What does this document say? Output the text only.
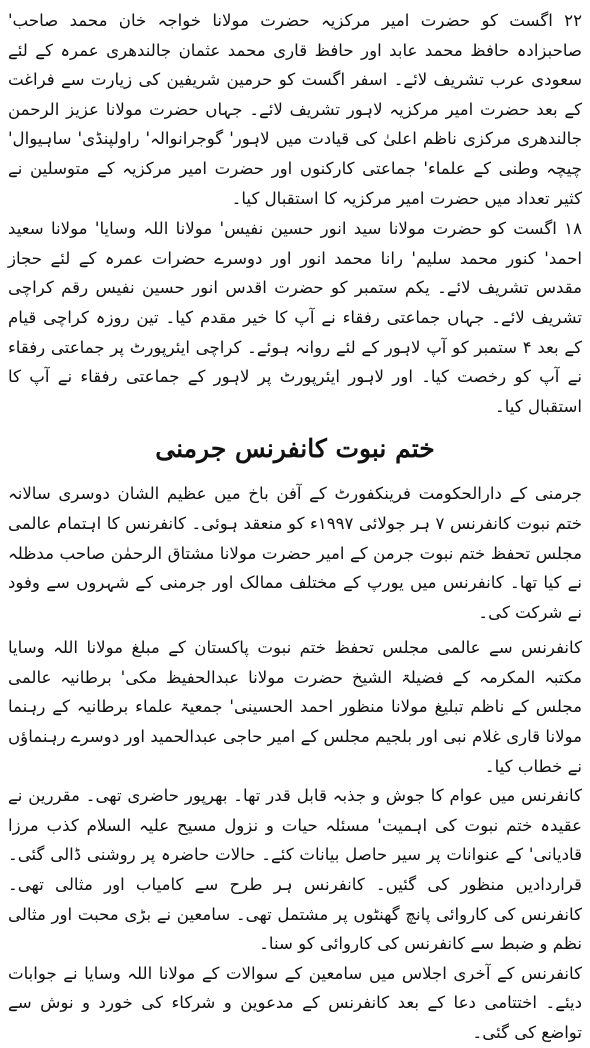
۲۲ اگست کو حضرت امیر مرکزیہ حضرت مولانا خواجہ خان محمد صاحب' صاحبزادہ حافظ محمد عابد اور حافظ قاری محمد عثمان جالندھری عمرہ کے لئے سعودی عرب تشریف لائے۔ اسفر اگست کو حرمین شریفین کی زیارت سے فراغت کے بعد حضرت امیر مرکزیہ لاہور تشریف لائے۔ جہاں حضرت مولانا عزیز الرحمن جالندھری مرکزی ناظم اعلیٰ کی قیادت میں لاہور' گوجرانوالہ' راولپنڈی' ساہیوال' چیچہ وطنی کے علماء' جماعتی کارکنوں اور حضرت امیر مرکزیہ کے متوسلین نے کثیر تعداد میں حضرت امیر مرکزیہ کا استقبال کیا۔

۱۸ اگست کو حضرت مولانا سید انور حسین نفیس' مولانا اللہ وسایا' مولانا سعید احمد' کنور محمد سلیم' رانا محمد انور اور دوسرے حضرات عمرہ کے لئے حجاز مقدس تشریف لائے۔ یکم ستمبر کو حضرت اقدس انور حسین نفیس رقم کراچی تشریف لائے۔ جہاں جماعتی رفقاء نے آپ کا خیر مقدم کیا۔ تین روزہ کراچی قیام کے بعد ۴ ستمبر کو آپ لاہور کے لئے روانہ ہوئے۔ کراچی ایئرپورٹ پر جماعتی رفقاء نے آپ کو رخصت کیا۔ اور لاہور ایئرپورٹ پر لاہور کے جماعتی رفقاء نے آپ کا استقبال کیا۔

ختم نبوت کانفرنس جرمنی

جرمنی کے دارالحکومت فرینکفورٹ کے آفن باخ میں عظیم الشان دوسری سالانہ ختم نبوت کانفرنس ۷ ہر جولائی ۱۹۹۷ء کو منعقد ہوئی۔ کانفرنس کا اہتمام عالمی مجلس تحفظ ختم نبوت جرمن کے امیر حضرت مولانا مشتاق الرحمٰن صاحب مدظلہ نے کیا تھا۔ کانفرنس میں یورپ کے مختلف ممالک اور جرمنی کے شہروں سے وفود نے شرکت کی۔

کانفرنس سے عالمی مجلس تحفظ ختم نبوت پاکستان کے مبلغ مولانا اللہ وسایا مکتبہ المکرمہ کے فضیلۃ الشیخ حضرت مولانا عبدالحفیظ مکی' برطانیہ عالمی مجلس کے ناظم تبلیغ مولانا منظور احمد الحسینی' جمعیۃ علماء برطانیہ کے رہنما مولانا قاری غلام نبی اور بلجیم مجلس کے امیر حاجی عبدالحمید اور دوسرے رہنماؤں نے خطاب کیا۔

کانفرنس میں عوام کا جوش و جذبہ قابل قدر تھا۔ بھرپور حاضری تھی۔ مقررین نے عقیدہ ختم نبوت کی اہمیت' مسئلہ حیات و نزول مسیح علیہ السلام کذب مرزا قادیانی' کے عنوانات پر سیر حاصل بیانات کئے۔ حالات حاضرہ پر روشنی ڈالی گئی۔ قراردادیں منظور کی گئیں۔ کانفرنس ہر طرح سے کامیاب اور مثالی تھی۔ کانفرنس کی کاروائی پانچ گھنٹوں پر مشتمل تھی۔ سامعین نے بڑی محبت اور مثالی نظم و ضبط سے کانفرنس کی کاروائی کو سنا۔

کانفرنس کے آخری اجلاس میں سامعین کے سوالات کے مولانا اللہ وسایا نے جوابات دیئے۔ اختتامی دعا کے بعد کانفرنس کے مدعوین و شرکاء کی خورد و نوش سے تواضع کی گئی۔
